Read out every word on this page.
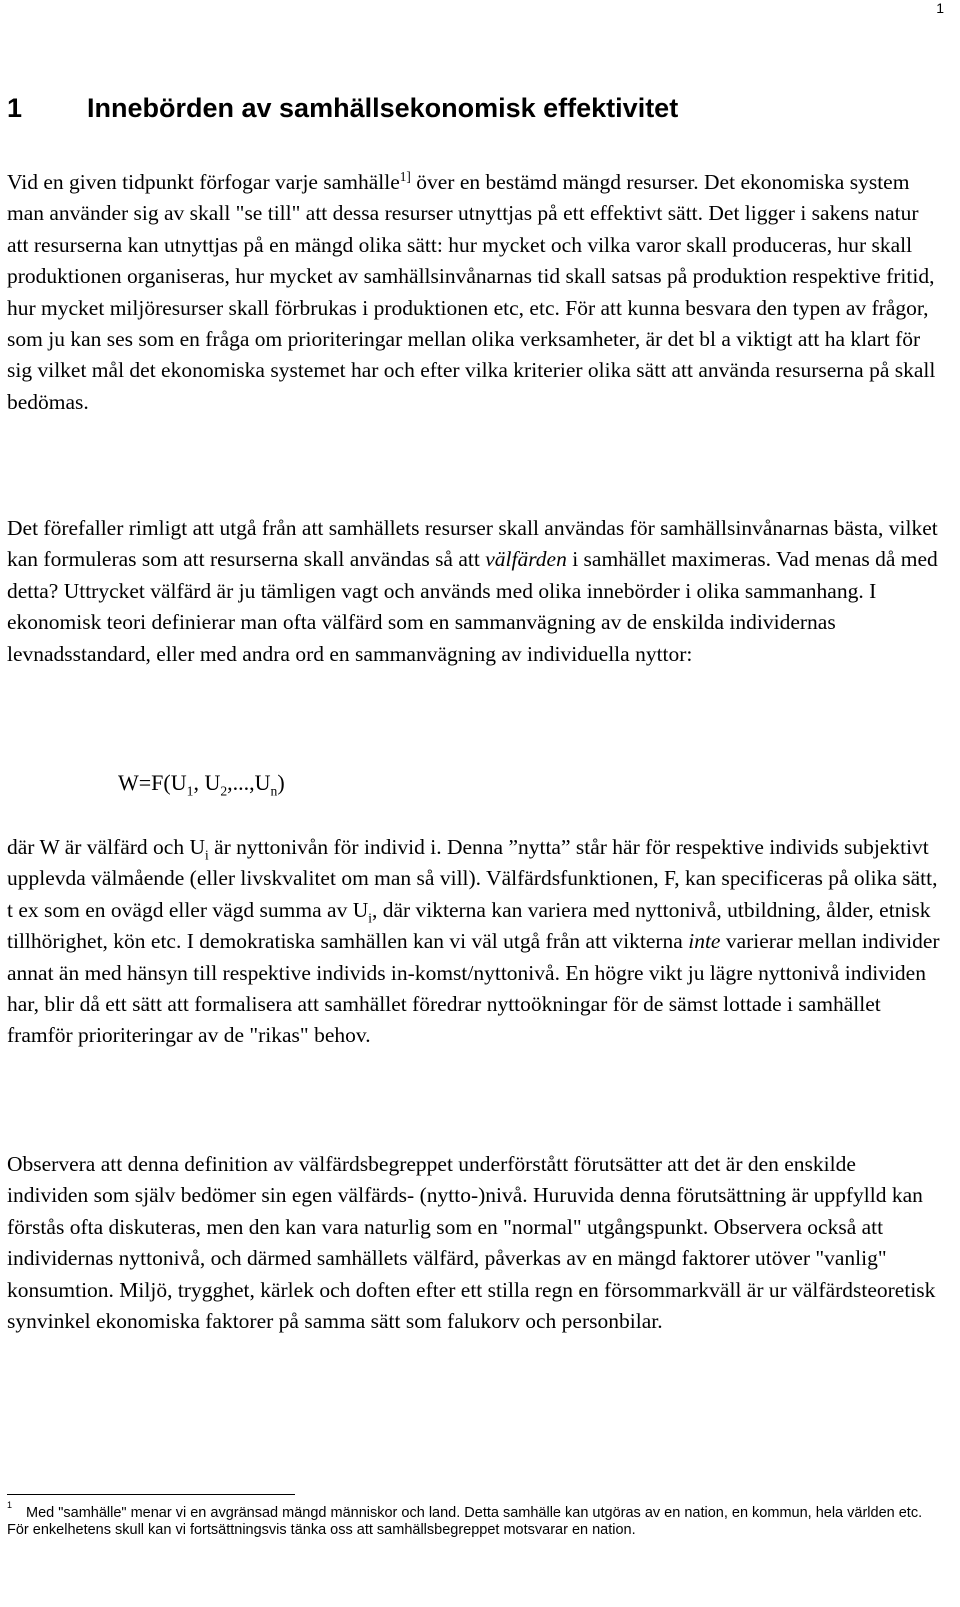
1
1 Innebörden av samhällsekonomisk effektivitet

Vid en given tidpunkt förfogar varje samhälle$^{1]}$ över en bestämd mängd resurser. Det ekonomiska system man använder sig av skall "se till" att dessa resurser utnyttjas på ett effektivt sätt. Det ligger i sakens natur att resurserna kan utnyttjas på en mängd olika sätt: hur mycket och vilka varor skall produceras, hur skall produktionen organiseras, hur mycket av samhällsinvånarnas tid skall satsas på produktion respektive fritid, hur mycket miljöresurser skall förbrukas i produktionen etc, etc. För att kunna besvara den typen av frågor, som ju kan ses som en fråga om prioriteringar mellan olika verksamheter, är det bl a viktigt att ha klart för sig vilket mål det ekonomiska systemet har och efter vilka kriterier olika sätt att använda resurserna på skall bedömas.

Det förefaller rimligt att utgå från att samhällets resurser skall användas för samhällsinvånarnas bästa, vilket kan formuleras som att resurserna skall användas så att välfärden i samhället maximeras. Vad menas då med detta? Uttrycket välfärd är ju tämligen vagt och används med olika innebörder i olika sammanhang. I ekonomisk teori definierar man ofta välfärd som en sammanvägning av de enskilda individernas levnadsstandard, eller med andra ord en sammanvägning av individuella nyttor:

$W=F(U_1$, $U_2,...,U_n$)

där W är välfärd och $U_i$ är nyttonivån för individ i. Denna ”nytta” står här för respektive individs subjektivt upplevda välmående (eller livskvalitet om man så vill). Välfärdsfunktionen, F, kan specificeras på olika sätt, t ex som en ovägd eller vägd summa av $U_i$, där vikterna kan variera med nyttonivå, utbildning, ålder, etnisk tillhörighet, kön etc. I demokratiska samhällen kan vi väl utgå från att vikterna inte varierar mellan individer annat än med hänsyn till respektive individs in-komst/nyttonivå. En högre vikt ju lägre nyttonivå individen har, blir då ett sätt att formalisera att samhället föredrar nyttoökningar för de sämst lottade i samhället framför prioriteringar av de "rikas" behov.

Observera att denna definition av välfärdsbegreppet underförstått förutsätter att det är den enskilde individen som själv bedömer sin egen välfärds- (nytto-)nivå. Huruvida denna förutsättning är uppfylld kan förstås ofta diskuteras, men den kan vara naturlig som en "normal" utgångspunkt. Observera också att individernas nyttonivå, och därmed samhällets välfärd, påverkas av en mängd faktorer utöver "vanlig" konsumtion. Miljö, trygghet, kärlek och doften efter ett stilla regn en försommarkväll är ur välfärdsteoretisk synvinkel ekonomiska faktorer på samma sätt som falukorv och personbilar.

$^1$ Med "samhälle" menar vi en avgränsad mängd människor och land. Detta samhälle kan utgöras av en nation, en kommun, hela världen etc. För enkelhetens skull kan vi fortsättningsvis tänka oss att samhällsbegreppet motsvarar en nation.
